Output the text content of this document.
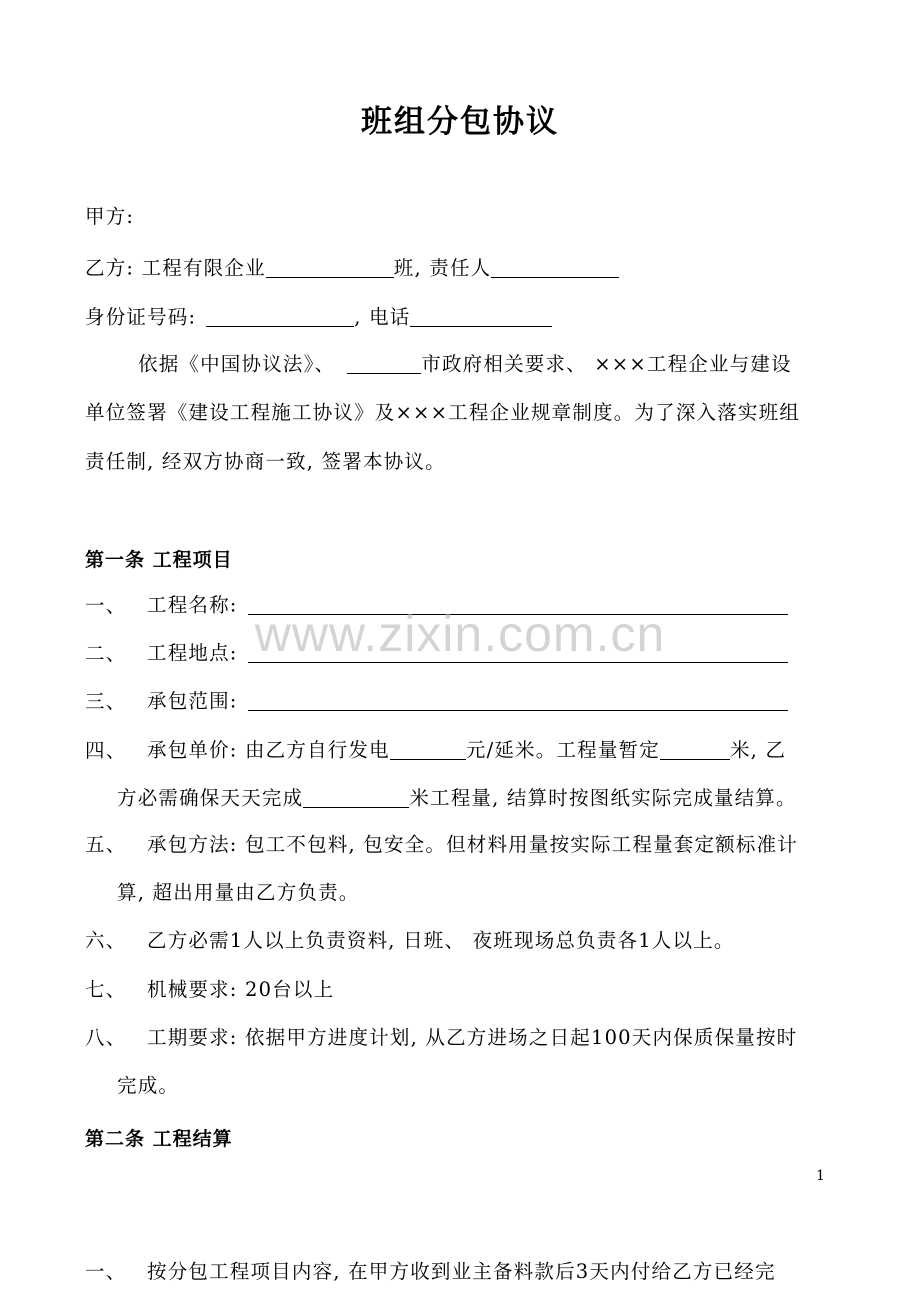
班组分包协议
甲方:
乙方: 工程有限企业	班, 责任人
身份证号码:	, 电话
依据《中国协议法》、	市政府相关要求、 ×××工程企业与建设
单位签署《建设工程施工协议》及×××工程企业规章制度。为了深入落实班组
责任制, 经双方协商一致, 签署本协议。
第一条 工程项目
一、 工程名称:
二、 工程地点:
三、 承包范围:
四、 承包单价: 由乙方自行发电	元/延米。工程量暂定	米, 乙
方必需确保天天完成	米工程量, 结算时按图纸实际完成量结算。
五、 承包方法: 包工不包料, 包安全。但材料用量按实际工程量套定额标准计
算, 超出用量由乙方负责。
六、 乙方必需1人以上负责资料, 日班、 夜班现场总负责各1人以上。
七、 机械要求: 20台以上
八、 工期要求: 依据甲方进度计划, 从乙方进场之日起100天内保质保量按时
完成。
第二条 工程结算
1
一、 按分包工程项目内容, 在甲方收到业主备料款后3天内付给乙方已经完
www.zixin.com.cn
